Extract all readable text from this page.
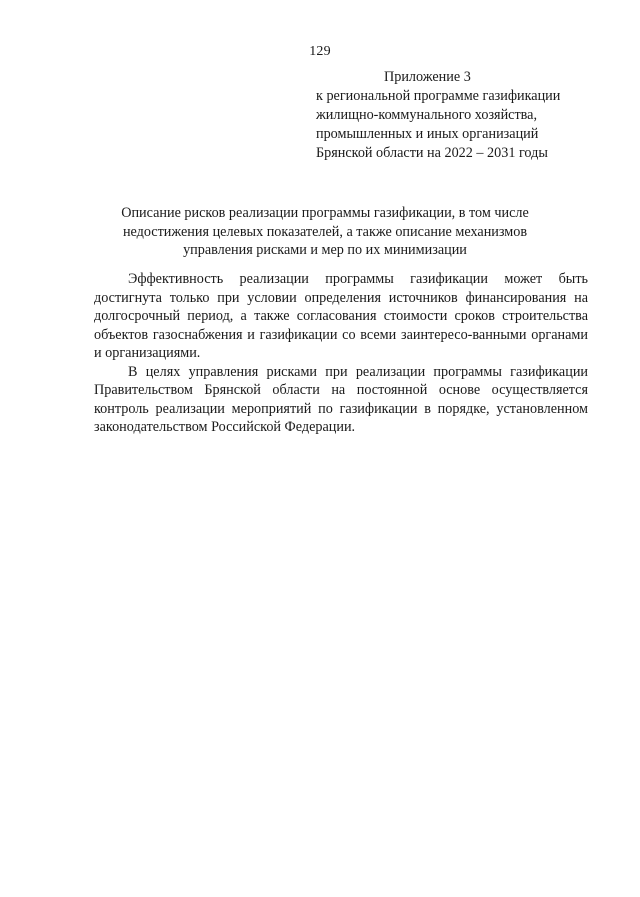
129
Приложение 3
к региональной программе газификации
жилищно-коммунального хозяйства,
промышленных и иных организаций
Брянской области на 2022 – 2031 годы
Описание рисков реализации программы газификации, в том числе
недостижения целевых показателей, а также описание механизмов
управления рисками и мер по их минимизации

Эффективность реализации программы газификации может быть достигнута только при условии определения источников финансирования на долгосрочный период, а также согласования стоимости сроков строительства объектов газоснабжения и газификации со всеми заинтересо-ванными органами и организациями.

В целях управления рисками при реализации программы газификации Правительством Брянской области на постоянной основе осуществляется контроль реализации мероприятий по газификации в порядке, установленном законодательством Российской Федерации.
